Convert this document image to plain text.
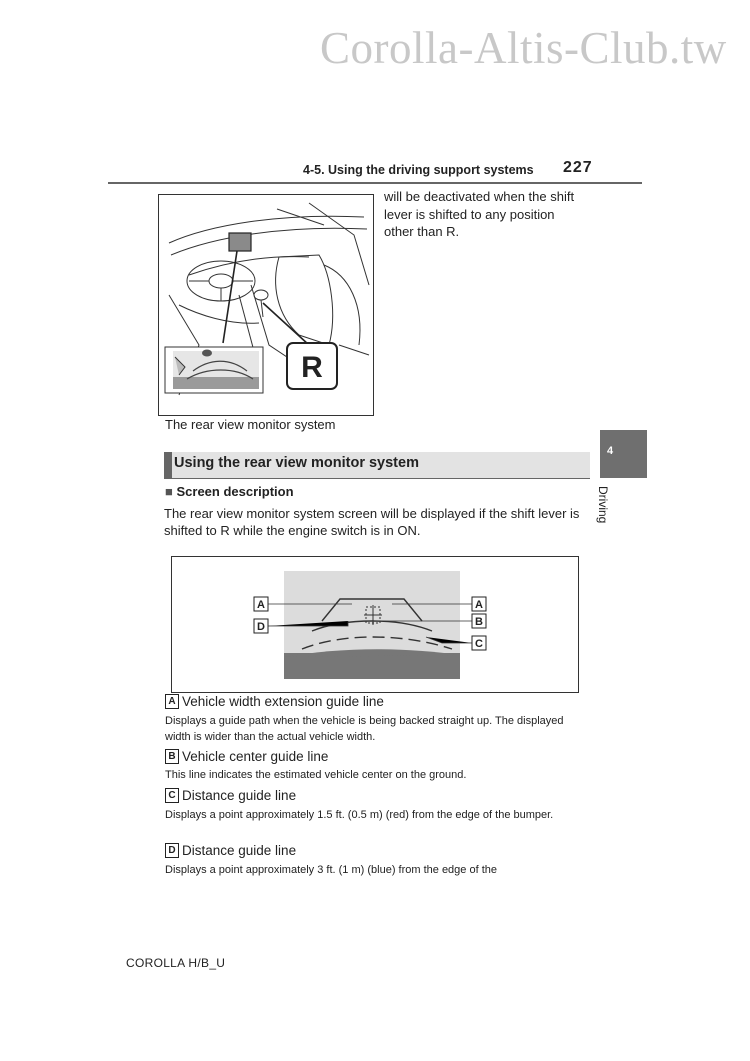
Corolla-Altis-Club.tw
4-5. Using the driving support systems 227
R
will be deactivated when the shift lever is shifted to any position other than R.
The rear view monitor system
4
Driving
Using the rear view monitor system
■ Screen description
The rear view monitor system screen will be displayed if the shift lever is shifted to R while the engine switch is in ON.
A
D
A
B
C
A Vehicle width extension guide line
Displays a guide path when the vehicle is being backed straight up. The displayed width is wider than the actual vehicle width.
B Vehicle center guide line
This line indicates the estimated vehicle center on the ground.
C Distance guide line
Displays a point approximately 1.5 ft. (0.5 m) (red) from the edge of the bumper.
D Distance guide line
Displays a point approximately 3 ft. (1 m) (blue) from the edge of the
COROLLA H/B_U
